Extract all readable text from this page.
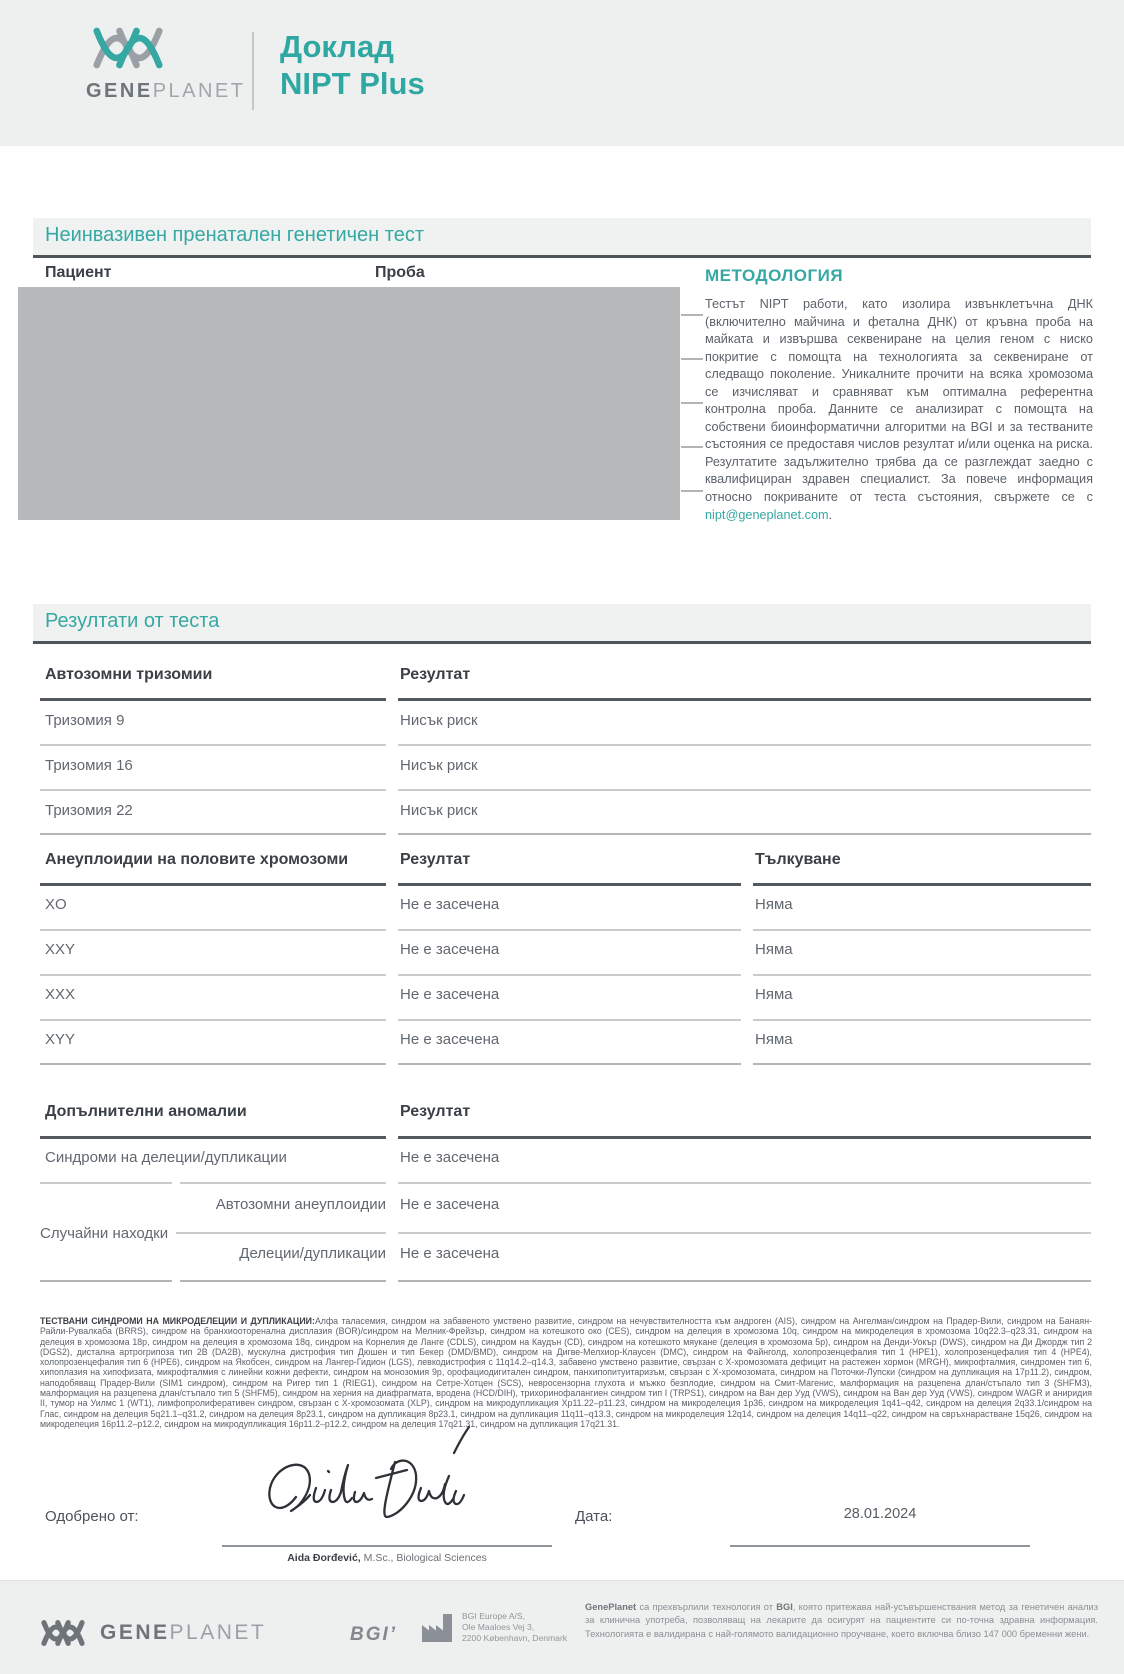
GENEPLANET
Доклад
NIPT Plus
Неинвазивен пренатален генетичен тест
Пациент	Проба	МЕТОДОЛОГИЯ
Тестът NIPT работи, като изолира извънклетъчна ДНК (включително майчина и фетална ДНК) от кръвна проба на майката и извършва секвениране на целия геном с ниско покритие с помощта на технологията за секвениране от следващо поколение. Уникалните прочити на всяка хромозома се изчисляват и сравняват към оптимална референтна контролна проба. Данните се анализират с помощта на собствени биоинформатични алгоритми на BGI и за тестваните състояния се предоставя числов резултат и/или оценка на риска. Резултатите задължително трябва да се разглеждат заедно с квалифициран здравен специалист. За повече информация относно покриваните от теста състояния, свържете се с nipt@geneplanet.com.
Резултати от теста
Автозомни тризомии	Резултат
Тризомия 9	Нисък риск
Тризомия 16	Нисък риск
Тризомия 22	Нисък риск
Анеуплоидии на половите хромозоми	Резултат	Тълкуване
XO	Не е засечена	Няма
XXY	Не е засечена	Няма
XXX	Не е засечена	Няма
XYY	Не е засечена	Няма
Допълнителни аномалии	Резултат
Синдроми на делеции/дупликации	Не е засечена
Автозомни анеуплоидии Не е засечена
Случайни находки
Делеции/дупликации Не е засечена
ТЕСТВАНИ СИНДРОМИ НА МИКРОДЕЛЕЦИИ И ДУПЛИКАЦИИ:Алфа таласемия, синдром на забавеното умствено развитие, синдром на нечувствителността към андроген (AIS), синдром на Ангелман/синдром на Прадер-Вили, синдром на Банаян-Райли-Рувалкаба (BRRS), синдром на бранхиооторенална дисплазия (BOR)/синдром на Мелник-Фрейзър, синдром на котешкото око (CES), синдром на делеция в хромозома 10q, синдром на микроделеция в хромозома 10q22.3–q23.31, синдром на делеция в хромозома 18p, синдром на делеция в хромозома 18q, синдром на Корнелия де Ланге (CDLS), синдром на Каудън (CD), синдром на котешкото мяукане (делеция в хромозома 5p), синдром на Денди-Уокър (DWS), синдром на Ди Джордж тип 2 (DGS2), дистална артрогрипоза тип 2B (DA2B), мускулна дистрофия тип Дюшен и тип Бекер (DMD/BMD), синдром на Дигве-Мелхиор-Клаусен (DMC), синдром на Файнголд, холопрозенцефалия тип 1 (HPE1), холопрозенцефалия тип 4 (HPE4), холопрозенцефалия тип 6 (HPE6), синдром на Якобсен, синдром на Лангер-Гидион (LGS), левкодистрофия с 11q14.2–q14.3, забавено умствено развитие, свързан с X-хромозомата дефицит на растежен хормон (MRGH), микрофталмия, синдромен тип 6, хипоплазия на хипофизата, микрофталмия с линейни кожни дефекти, синдром на монозомия 9p, орофациодигитален синдром, панхипопитуитаризъм, свързан с X-хромозомата, синдром на Поточки-Лупски (синдром на дупликация на 17p11.2), синдром, наподобяващ Прадер-Вили (SIM1 синдром), синдром на Ригер тип 1 (RIEG1), синдром на Сетре-Хотцен (SCS), невросензорна глухота и мъжко безплодие, синдром на Смит-Магенис, малформация на разцепена длан/стъпало тип 3 (SHFM3), малформация на разцепена длан/стъпало тип 5 (SHFM5), синдром на херния на диафрагмата, вродена (HCD/DIH), трихоринофалангиен синдром тип I (TRPS1), синдром на Ван дер Ууд (VWS), синдром на Ван дер Ууд (VWS), синдром WAGR и аниридия II, тумор на Уилмс 1 (WT1), лимфопролиферативен синдром, свързан с X-хромозомата (XLP), синдром на микродупликация Xp11.22–p11.23, синдром на микроделеция 1p36, синдром на микроделеция 1q41–q42, синдром на делеция 2q33.1/синдром на Глас, синдром на делеция 5q21.1–q31.2, синдром на делеция 8p23.1, синдром на дупликация 8p23.1, синдром на дупликация 11q11–q13.3, синдром на микроделеция 12q14, синдром на делеция 14q11–q22, синдром на свръхнарастване 15q26, синдром на микроделеция 16p11.2–p12.2, синдром на микродупликация 16p11.2–p12.2, синдром на делеция 17q21.31, синдром на дупликация 17q21.31.
Одобрено от:
Aida Đorđević, M.Sc., Biological Sciences
Дата:	28.01.2024
GENEPLANET	BGIʼ
BGI Europe A/S,
Ole Maaloes Vej 3,
2200 København, Denmark
GenePlanet са прехвърлили технология от BGI, която притежава най-усъвършенствания метод за генетичен анализ за клинична употреба, позволяващ на лекарите да осигурят на пациентите си по-точна здравна информация. Технологията е валидирана с най-голямото валидационно проучване, което включва близо 147 000 бременни жени.
